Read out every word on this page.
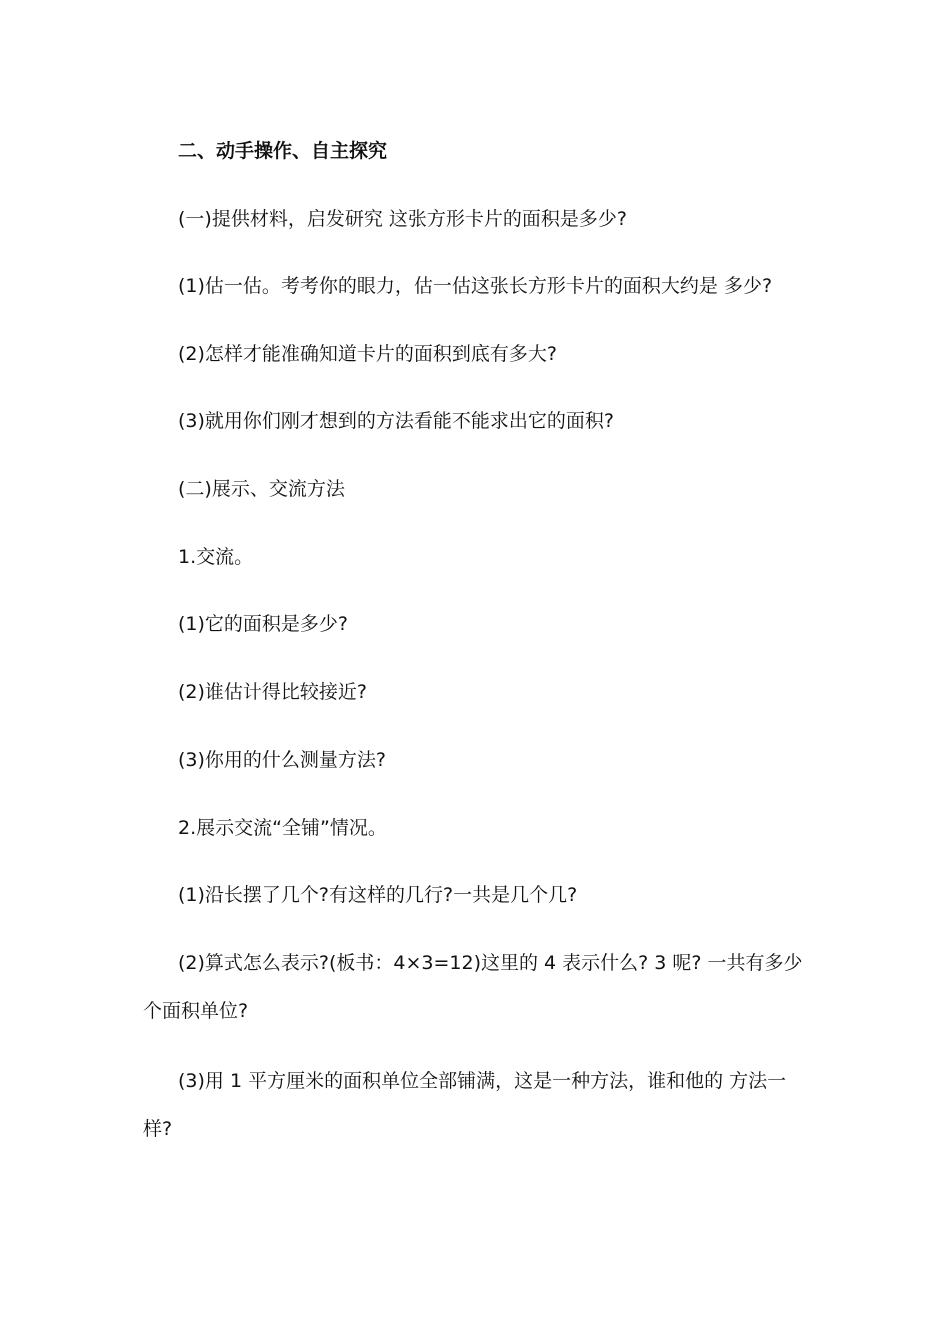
二、动手操作、自主探究
(一)提供材料，启发研究 这张方形卡片的面积是多少?
(1)估一估。考考你的眼力，估一估这张长方形卡片的面积大约是 多少?
(2)怎样才能准确知道卡片的面积到底有多大?
(3)就用你们刚才想到的方法看能不能求出它的面积?
(二)展示、交流方法
1.交流。
(1)它的面积是多少?
(2)谁估计得比较接近?
(3)你用的什么测量方法?
2.展示交流“全铺”情况。
(1)沿长摆了几个?有这样的几行?一共是几个几?
(2)算式怎么表示?(板书：4×3=12)这里的 4 表示什么? 3 呢? 一共有多少个面积单位?
(3)用 1 平方厘米的面积单位全部铺满，这是一种方法，谁和他的 方法一样?
